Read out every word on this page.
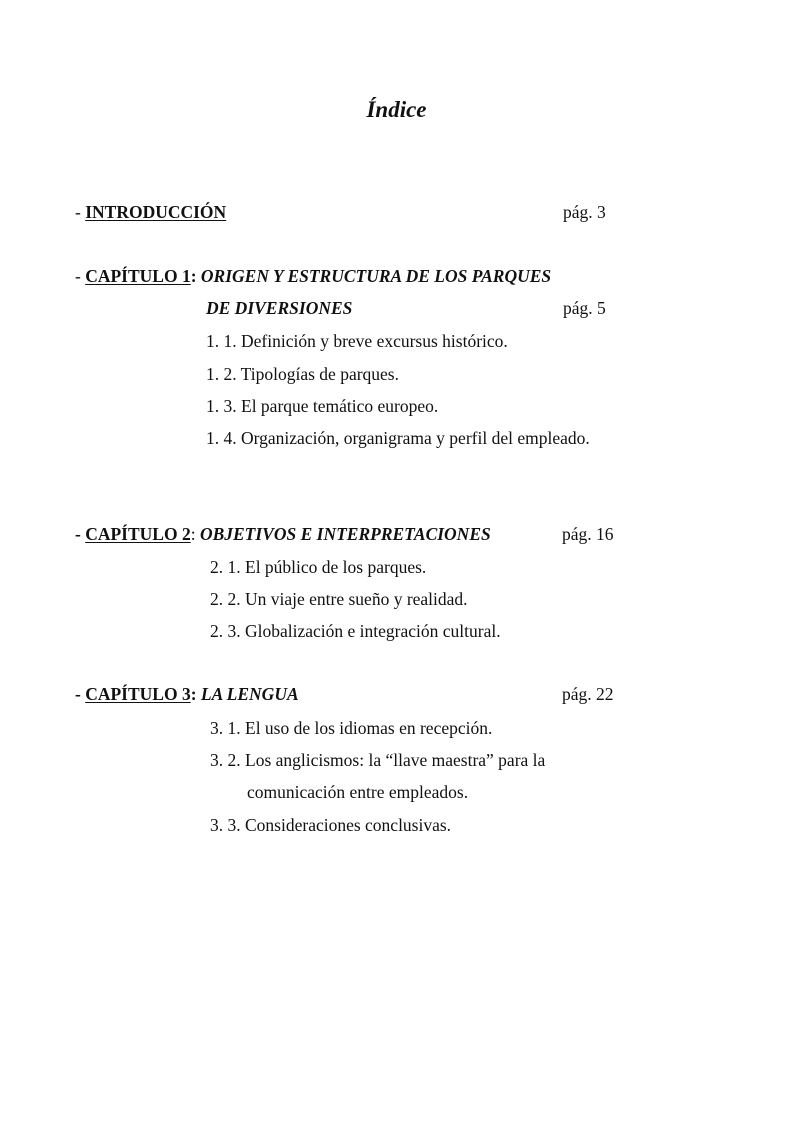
Índice
- INTRODUCCIÓN	pág. 3
- CAPÍTULO 1: ORIGEN Y ESTRUCTURA DE LOS PARQUES
DE DIVERSIONES	pág. 5
1. 1. Definición y breve excursus histórico.
1. 2. Tipologías de parques.
1. 3. El parque temático europeo.
1. 4. Organización, organigrama y perfil del empleado.
- CAPÍTULO 2: OBJETIVOS E INTERPRETACIONES	pág. 16
2. 1. El público de los parques.
2. 2. Un viaje entre sueño y realidad.
2. 3. Globalización e integración cultural.
- CAPÍTULO 3: LA LENGUA	pág. 22
3. 1. El uso de los idiomas en recepción.
3. 2. Los anglicismos: la “llave maestra” para la
comunicación entre empleados.
3. 3. Consideraciones conclusivas.
